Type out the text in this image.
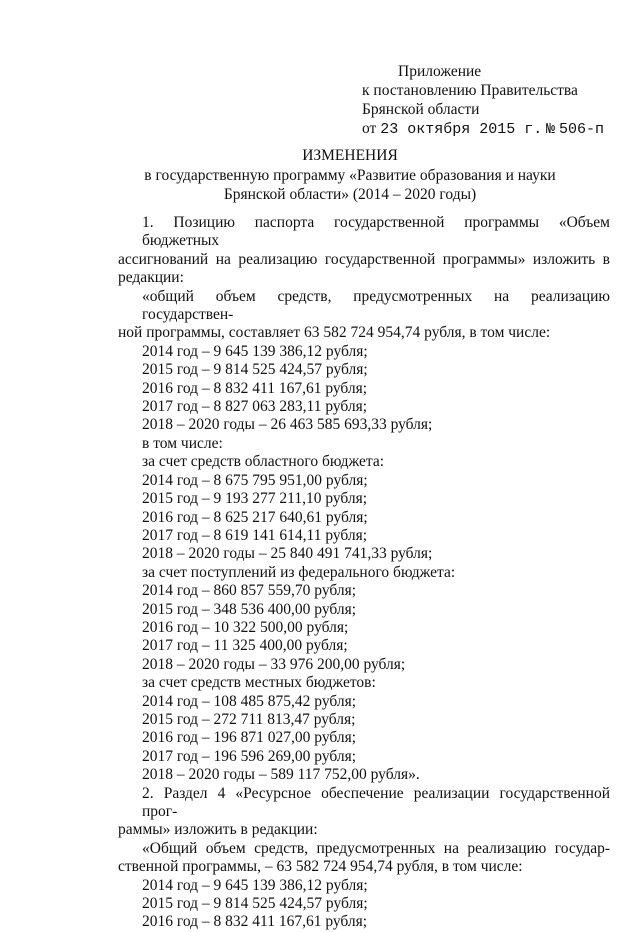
Приложение
к постановлению Правительства
Брянской области
от 23 октября 2015 г. № 506-п
ИЗМЕНЕНИЯ
в государственную программу «Развитие образования и науки
Брянской области» (2014 – 2020 годы)
1. Позицию паспорта государственной программы «Объем бюджетных
ассигнований на реализацию государственной программы» изложить в
редакции:
«общий объем средств, предусмотренных на реализацию государствен-
ной программы, составляет 63 582 724 954,74 рубля, в том числе:
2014 год – 9 645 139 386,12 рубля;
2015 год – 9 814 525 424,57 рубля;
2016 год – 8 832 411 167,61 рубля;
2017 год – 8 827 063 283,11 рубля;
2018 – 2020 годы – 26 463 585 693,33 рубля;
в том числе:
за счет средств областного бюджета:
2014 год – 8 675 795 951,00 рубля;
2015 год – 9 193 277 211,10 рубля;
2016 год – 8 625 217 640,61 рубля;
2017 год – 8 619 141 614,11 рубля;
2018 – 2020 годы – 25 840 491 741,33 рубля;
за счет поступлений из федерального бюджета:
2014 год – 860 857 559,70 рубля;
2015 год – 348 536 400,00 рубля;
2016 год – 10 322 500,00 рубля;
2017 год – 11 325 400,00 рубля;
2018 – 2020 годы – 33 976 200,00 рубля;
за счет средств местных бюджетов:
2014 год – 108 485 875,42 рубля;
2015 год – 272 711 813,47 рубля;
2016 год – 196 871 027,00 рубля;
2017 год – 196 596 269,00 рубля;
2018 – 2020 годы – 589 117 752,00 рубля».
2. Раздел 4 «Ресурсное обеспечение реализации государственной прог-
раммы» изложить в редакции:
«Общий объем средств, предусмотренных на реализацию государ-
ственной программы, – 63 582 724 954,74 рубля, в том числе:
2014 год – 9 645 139 386,12 рубля;
2015 год – 9 814 525 424,57 рубля;
2016 год – 8 832 411 167,61 рубля;
